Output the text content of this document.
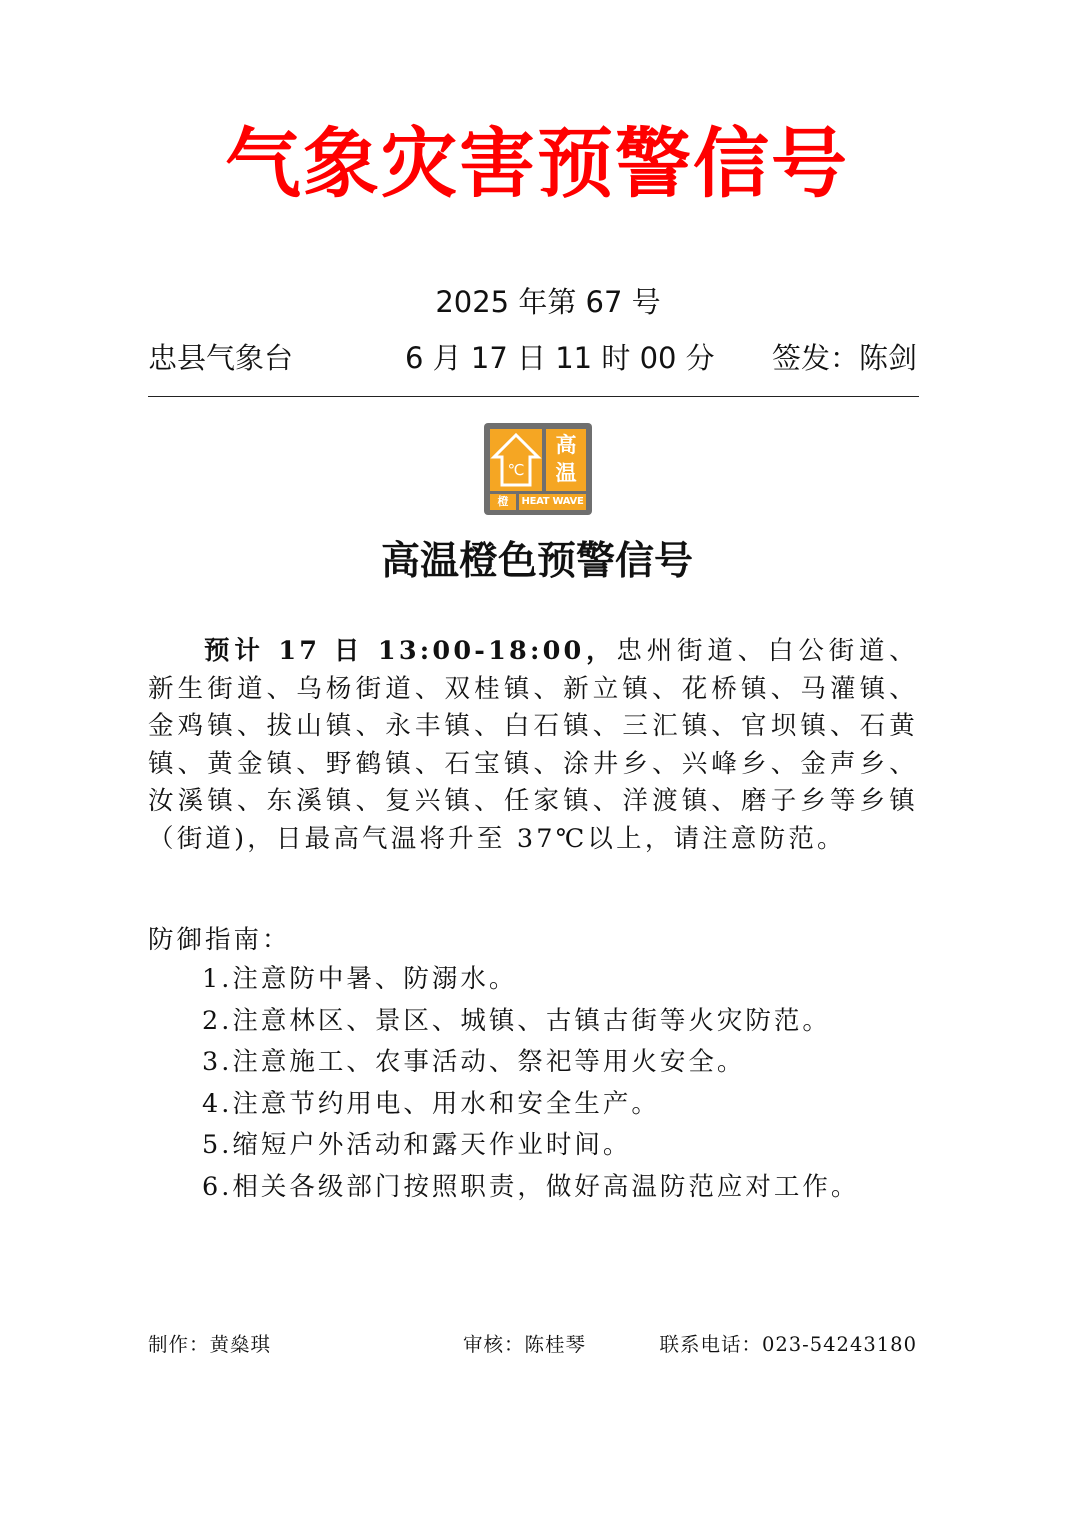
气象灾害预警信号
2025 年第 67 号
忠县气象台	6 月 17 日 11 时 00 分 签发：陈剑
℃
高
温
橙	HEAT WAVE
高温橙色预警信号
预计 17 日 13:00-18:00，忠州街道、白公街道、新生街道、乌杨街道、双桂镇、新立镇、花桥镇、马灌镇、金鸡镇、拔山镇、永丰镇、白石镇、三汇镇、官坝镇、石黄镇、黄金镇、野鹤镇、石宝镇、涂井乡、兴峰乡、金声乡、汝溪镇、东溪镇、复兴镇、任家镇、洋渡镇、磨子乡等乡镇（街道)，日最高气温将升至 37℃以上，请注意防范。
防御指南：
1.注意防中暑、防溺水。
2.注意林区、景区、城镇、古镇古街等火灾防范。
3.注意施工、农事活动、祭祀等用火安全。
4.注意节约用电、用水和安全生产。
5.缩短户外活动和露天作业时间。
6.相关各级部门按照职责，做好高温防范应对工作。
制作：黄燊琪	审核：陈桂琴	联系电话：023-54243180
